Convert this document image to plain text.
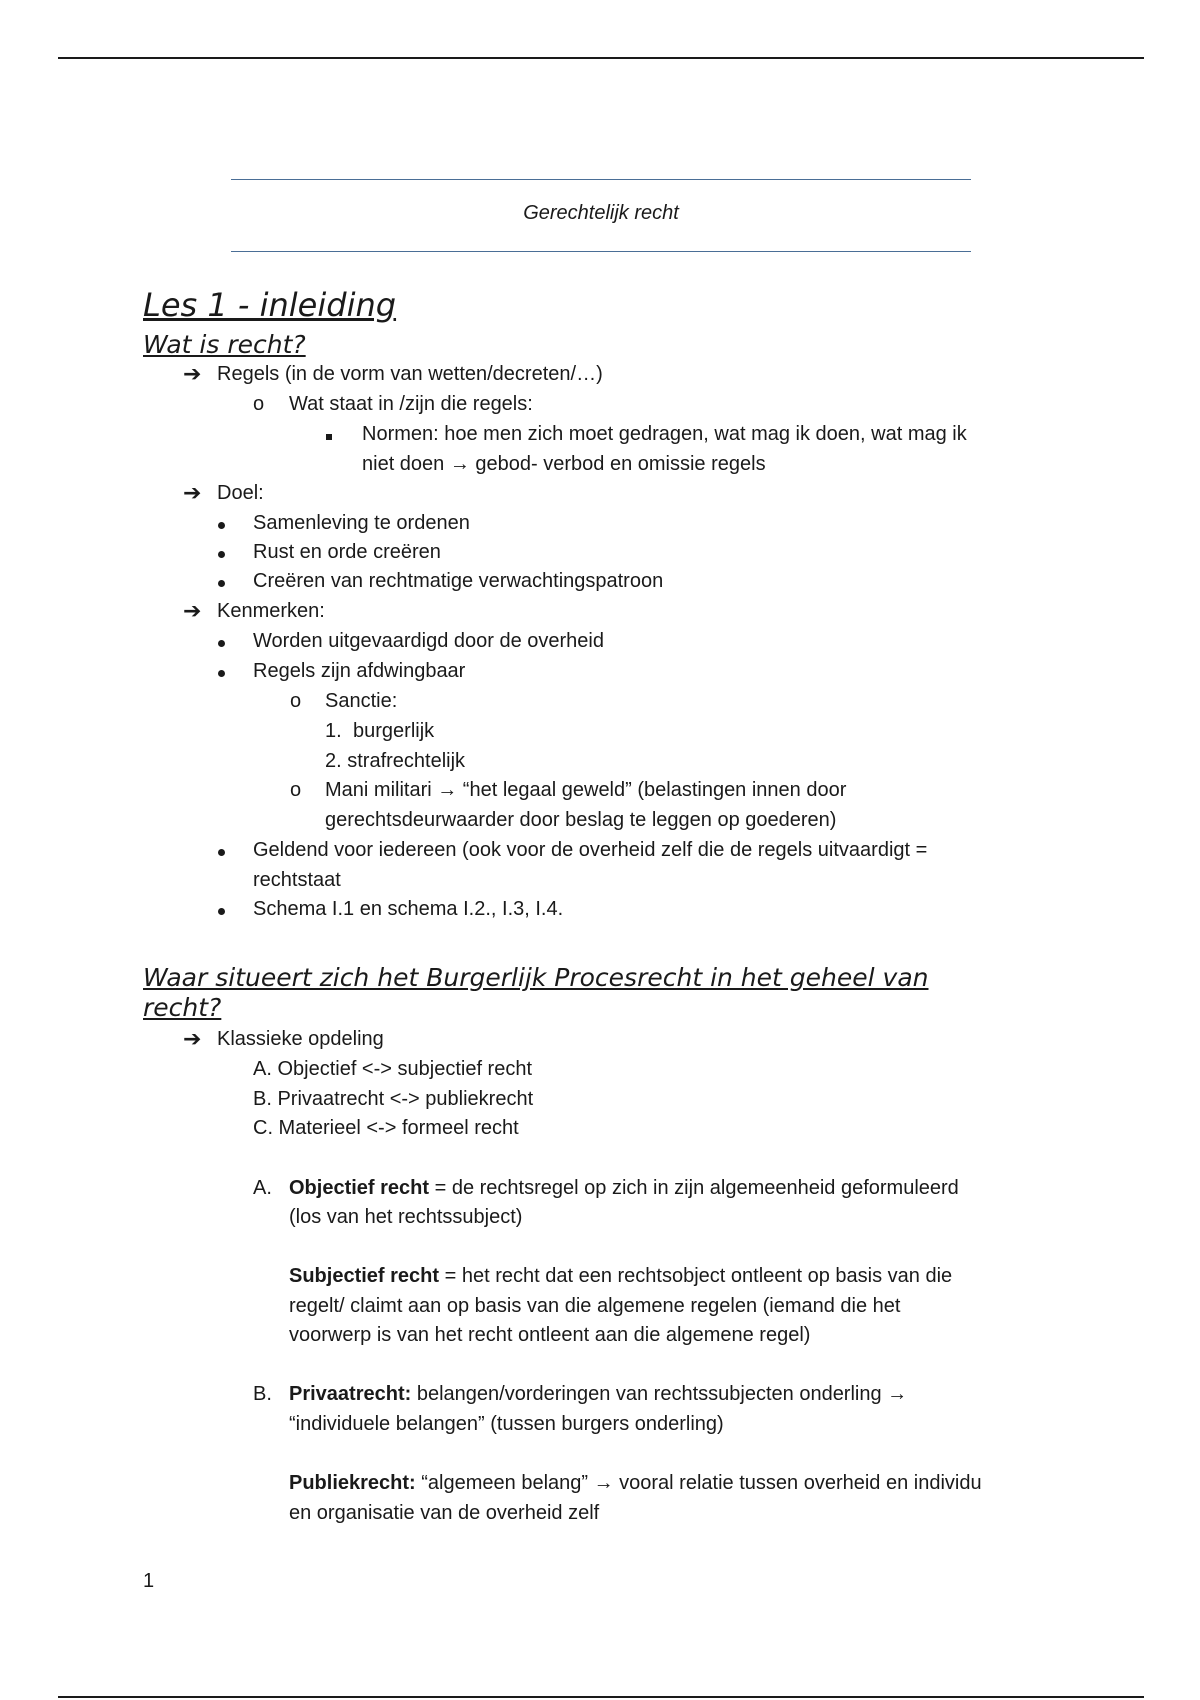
Gerechtelijk recht
Les 1 - inleiding
Wat is recht?
➔ Regels (in de vorm van wetten/decreten/…)
o Wat staat in /zijn die regels:
Normen: hoe men zich moet gedragen, wat mag ik doen, wat mag ik
niet doen → gebod- verbod en omissie regels
➔ Doel:
Samenleving te ordenen
Rust en orde creëren
Creëren van rechtmatige verwachtingspatroon
➔ Kenmerken:
Worden uitgevaardigd door de overheid
Regels zijn afdwingbaar
o Sanctie:
1. burgerlijk
2. strafrechtelijk
o Mani militari → “het legaal geweld” (belastingen innen door
gerechtsdeurwaarder door beslag te leggen op goederen)
Geldend voor iedereen (ook voor de overheid zelf die de regels uitvaardigt =
rechtstaat
Schema I.1 en schema I.2., I.3, I.4.
Waar situeert zich het Burgerlijk Procesrecht in het geheel van
recht?
➔ Klassieke opdeling
A. Objectief <-> subjectief recht
B. Privaatrecht <-> publiekrecht
C. Materieel <-> formeel recht
A. Objectief recht = de rechtsregel op zich in zijn algemeenheid geformuleerd
(los van het rechtssubject)
Subjectief recht = het recht dat een rechtsobject ontleent op basis van die
regelt/ claimt aan op basis van die algemene regelen (iemand die het
voorwerp is van het recht ontleent aan die algemene regel)
B. Privaatrecht: belangen/vorderingen van rechtssubjecten onderling →
“individuele belangen” (tussen burgers onderling)
Publiekrecht: “algemeen belang” → vooral relatie tussen overheid en individu
en organisatie van de overheid zelf
1
